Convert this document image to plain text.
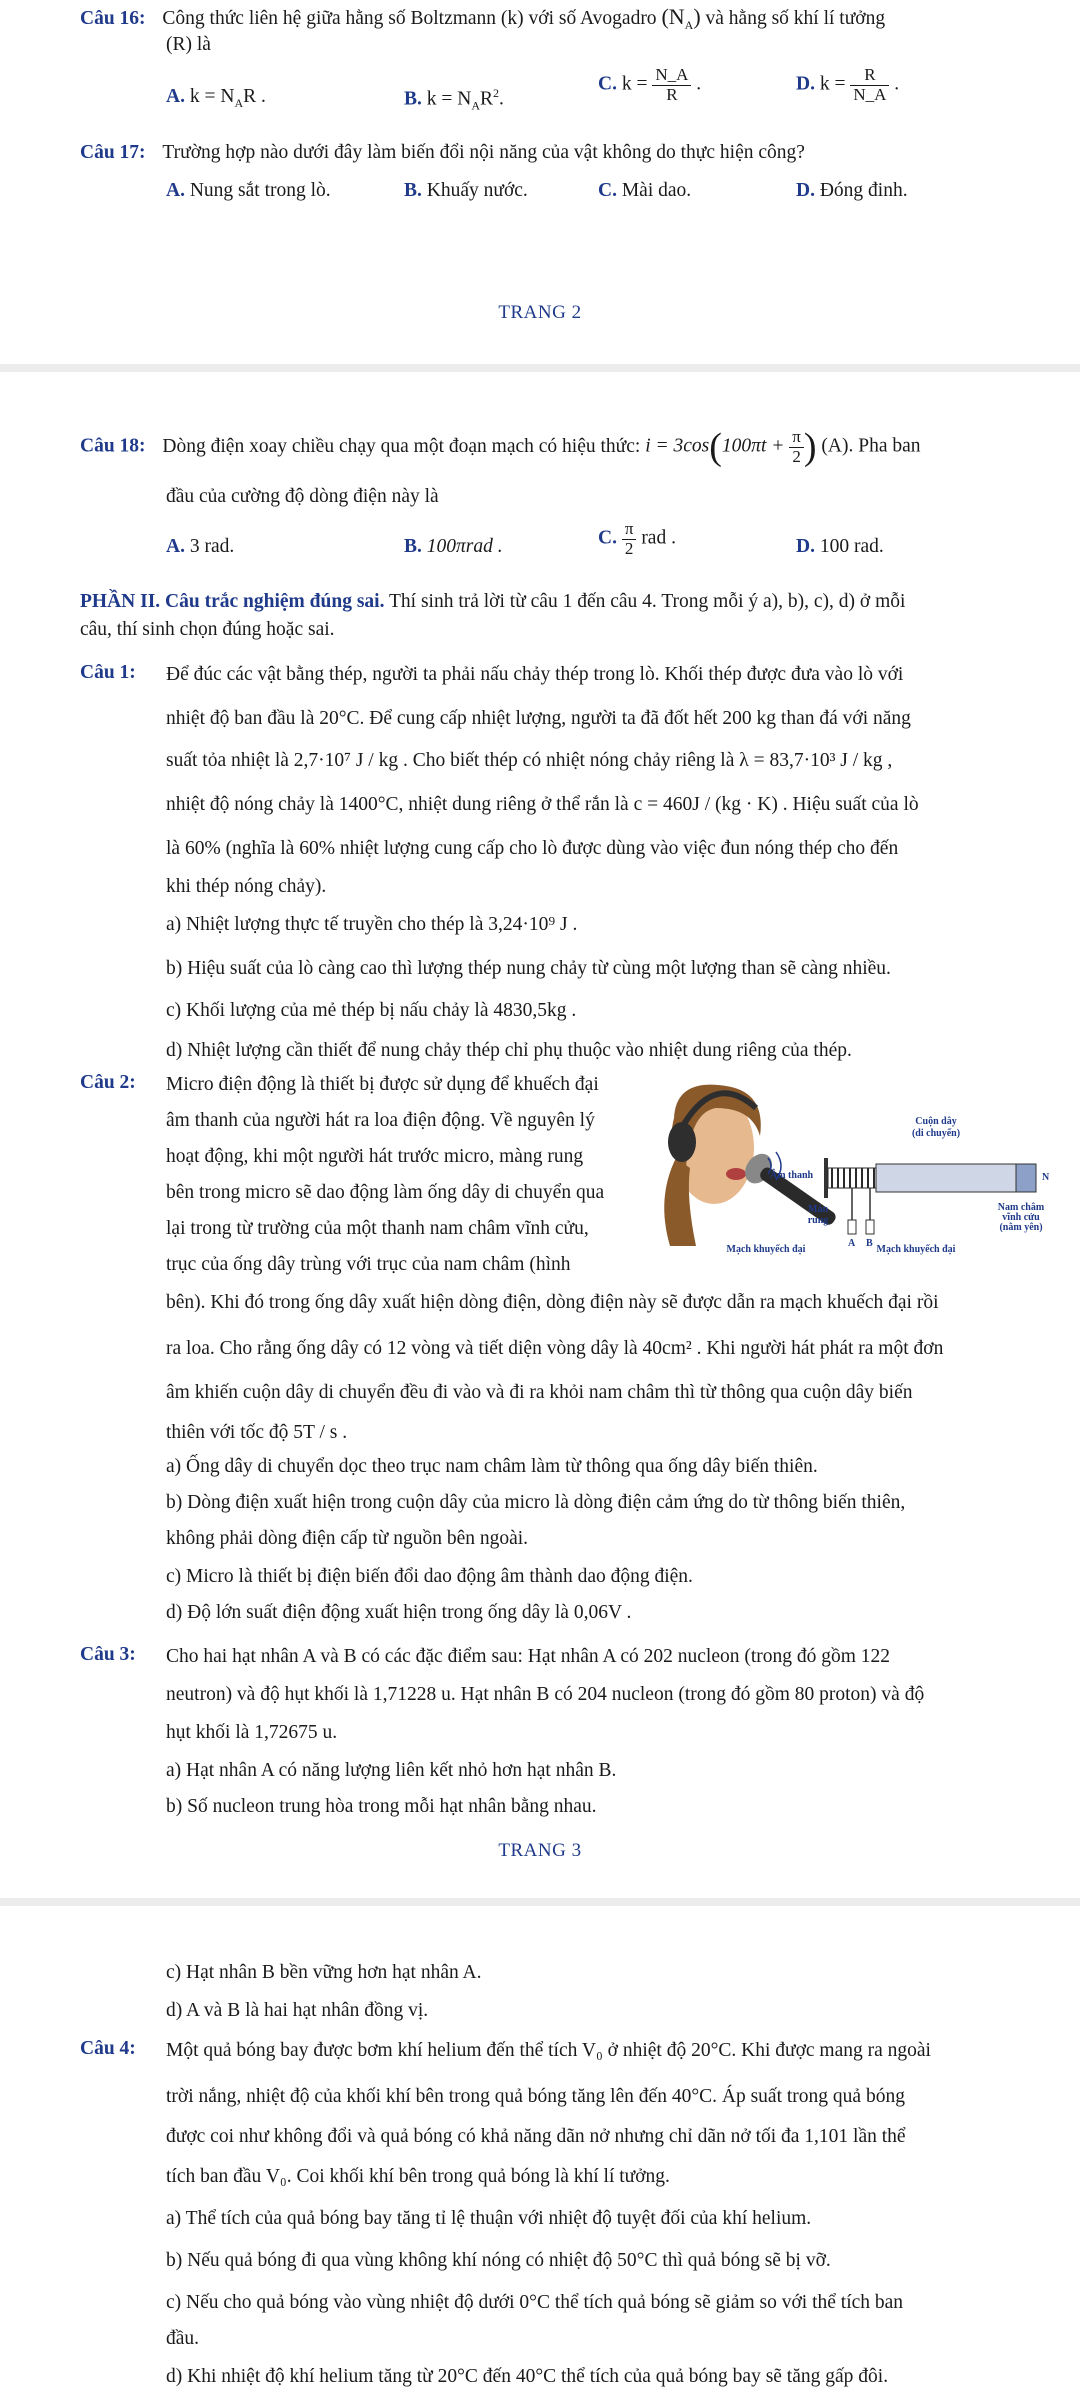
Câu 16: Công thức liên hệ giữa hằng số Boltzmann (k) với số Avogadro $(N_A)$ và hằng số khí lí tưởng
(R) là
A. $k = N_AR$ .	B. $k = N_AR^2$.
C. $k = \frac{N\_A}{R}$ .	D. $k = \frac{R}{N\_A}$ .
Câu 17: Trường hợp nào dưới đây làm biến đổi nội năng của vật không do thực hiện công?
A. Nung sắt trong lò.	B. Khuấy nước.	C. Mài dao.	D. Đóng đinh.
TRANG 2
Câu 18: Dòng điện xoay chiều chạy qua một đoạn mạch có hiệu thức: $i = 3\cos(100\pi t + \frac{\pi}{2}$ ) (A). Pha ban
đầu của cường độ dòng điện này là
A. 3 rad.	B. 100πrad .	C. $\frac{\pi}{2}$ rad .	D. 100 rad.
PHẦN II. Câu trắc nghiệm đúng sai. Thí sinh trả lời từ câu 1 đến câu 4. Trong mỗi ý a), b), c), d) ở mỗi
câu, thí sinh chọn đúng hoặc sai.
Câu 1: Để đúc các vật bằng thép, người ta phải nấu chảy thép trong lò. Khối thép được đưa vào lò với
nhiệt độ ban đầu là 20°C. Để cung cấp nhiệt lượng, người ta đã đốt hết 200 kg than đá với năng
suất tỏa nhiệt là 2,7·10⁷ J / kg . Cho biết thép có nhiệt nóng chảy riêng là λ = 83,7·10³ J / kg ,
nhiệt độ nóng chảy là 1400°C, nhiệt dung riêng ở thể rắn là c = 460J / (kg · K) . Hiệu suất của lò
là 60% (nghĩa là 60% nhiệt lượng cung cấp cho lò được dùng vào việc đun nóng thép cho đến
khi thép nóng chảy).
a) Nhiệt lượng thực tế truyền cho thép là 3,24·10⁹ J .
b) Hiệu suất của lò càng cao thì lượng thép nung chảy từ cùng một lượng than sẽ càng nhiều.
c) Khối lượng của mẻ thép bị nấu chảy là 4830,5kg .
d) Nhiệt lượng cần thiết để nung chảy thép chỉ phụ thuộc vào nhiệt dung riêng của thép.
Câu 2: Micro điện động là thiết bị được sử dụng để khuếch đại
âm thanh của người hát ra loa điện động. Về nguyên lý
hoạt động, khi một người hát trước micro, màng rung
bên trong micro sẽ dao động làm ống dây di chuyển qua
lại trong từ trường của một thanh nam châm vĩnh cửu,
trục của ống dây trùng với trục của nam châm (hình
bên). Khi đó trong ống dây xuất hiện dòng điện, dòng điện này sẽ được dẫn ra mạch khuếch đại rồi
ra loa. Cho rằng ống dây có 12 vòng và tiết diện vòng dây là 40cm² . Khi người hát phát ra một đơn
âm khiến cuộn dây di chuyển đều đi vào và đi ra khỏi nam châm thì từ thông qua cuộn dây biến
thiên với tốc độ 5T / s .
a) Ống dây di chuyển dọc theo trục nam châm làm từ thông qua ống dây biến thiên.
b) Dòng điện xuất hiện trong cuộn dây của micro là dòng điện cảm ứng do từ thông biến thiên,
không phải dòng điện cấp từ nguồn bên ngoài.
c) Micro là thiết bị điện biến đổi dao động âm thành dao động điện.
d) Độ lớn suất điện động xuất hiện trong ống dây là 0,06V .
Âm thanh
Cuộn dây
(di chuyển)
N
Nam châm
vĩnh cửu
(nằm yên)
Màn rung
A B
Mạch khuyếch đại	Mạch khuyếch đại
Câu 3: Cho hai hạt nhân A và B có các đặc điểm sau: Hạt nhân A có 202 nucleon (trong đó gồm 122
neutron) và độ hụt khối là 1,71228 u. Hạt nhân B có 204 nucleon (trong đó gồm 80 proton) và độ
hụt khối là 1,72675 u.
a) Hạt nhân A có năng lượng liên kết nhỏ hơn hạt nhân B.
b) Số nucleon trung hòa trong mỗi hạt nhân bằng nhau.
TRANG 3
c) Hạt nhân B bền vững hơn hạt nhân A.
d) A và B là hai hạt nhân đồng vị.
Câu 4: Một quả bóng bay được bơm khí helium đến thể tích V₀ ở nhiệt độ 20°C. Khi được mang ra ngoài
trời nắng, nhiệt độ của khối khí bên trong quả bóng tăng lên đến 40°C. Áp suất trong quả bóng
được coi như không đổi và quả bóng có khả năng dãn nở nhưng chỉ dãn nở tối đa 1,101 lần thể
tích ban đầu V₀. Coi khối khí bên trong quả bóng là khí lí tưởng.
a) Thể tích của quả bóng bay tăng tỉ lệ thuận với nhiệt độ tuyệt đối của khí helium.
b) Nếu quả bóng đi qua vùng không khí nóng có nhiệt độ 50°C thì quả bóng sẽ bị vỡ.
c) Nếu cho quả bóng vào vùng nhiệt độ dưới 0°C thể tích quả bóng sẽ giảm so với thể tích ban
đầu.
d) Khi nhiệt độ khí helium tăng từ 20°C đến 40°C thể tích của quả bóng bay sẽ tăng gấp đôi.
